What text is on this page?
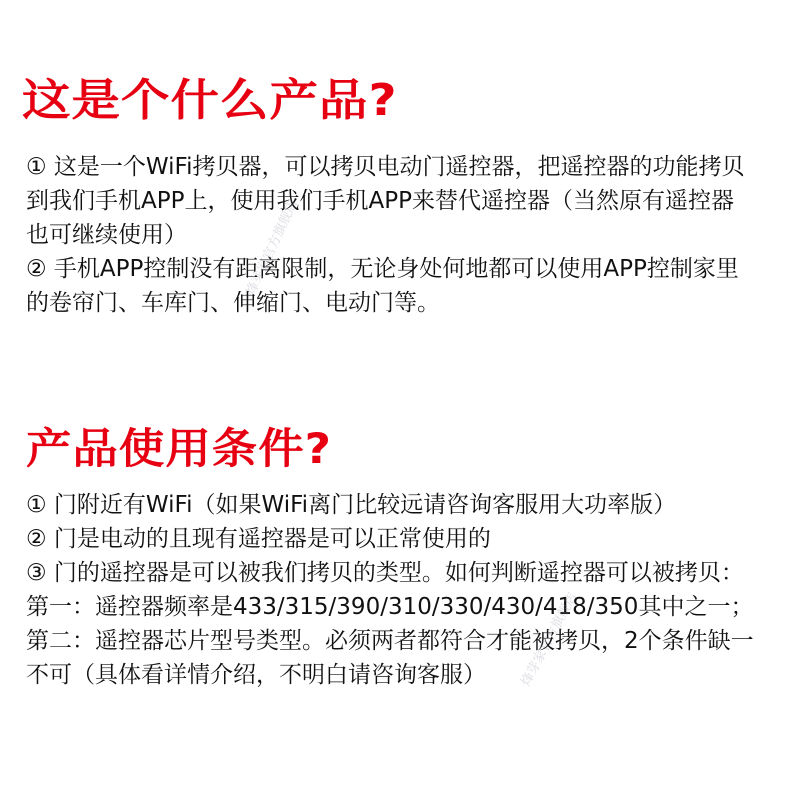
这是个什么产品?
① 这是一个WiFi拷贝器，可以拷贝电动门遥控器，把遥控器的功能拷贝
到我们手机APP上，使用我们手机APP来替代遥控器（当然原有遥控器
也可继续使用）
② 手机APP控制没有距离限制，无论身处何地都可以使用APP控制家里
的卷帘门、车库门、伸缩门、电动门等。
产品使用条件?
① 门附近有WiFi（如果WiFi离门比较远请咨询客服用大功率版）
② 门是电动的且现有遥控器是可以正常使用的
③ 门的遥控器是可以被我们拷贝的类型。如何判断遥控器可以被拷贝：
第一：遥控器频率是433/315/390/310/330/430/418/350其中之一；
第二：遥控器芯片型号类型。必须两者都符合才能被拷贝，2个条件缺一
不可（具体看详情介绍，不明白请咨询客服）
烽芽家官方旗舰店
烽芽家官方旗舰店
